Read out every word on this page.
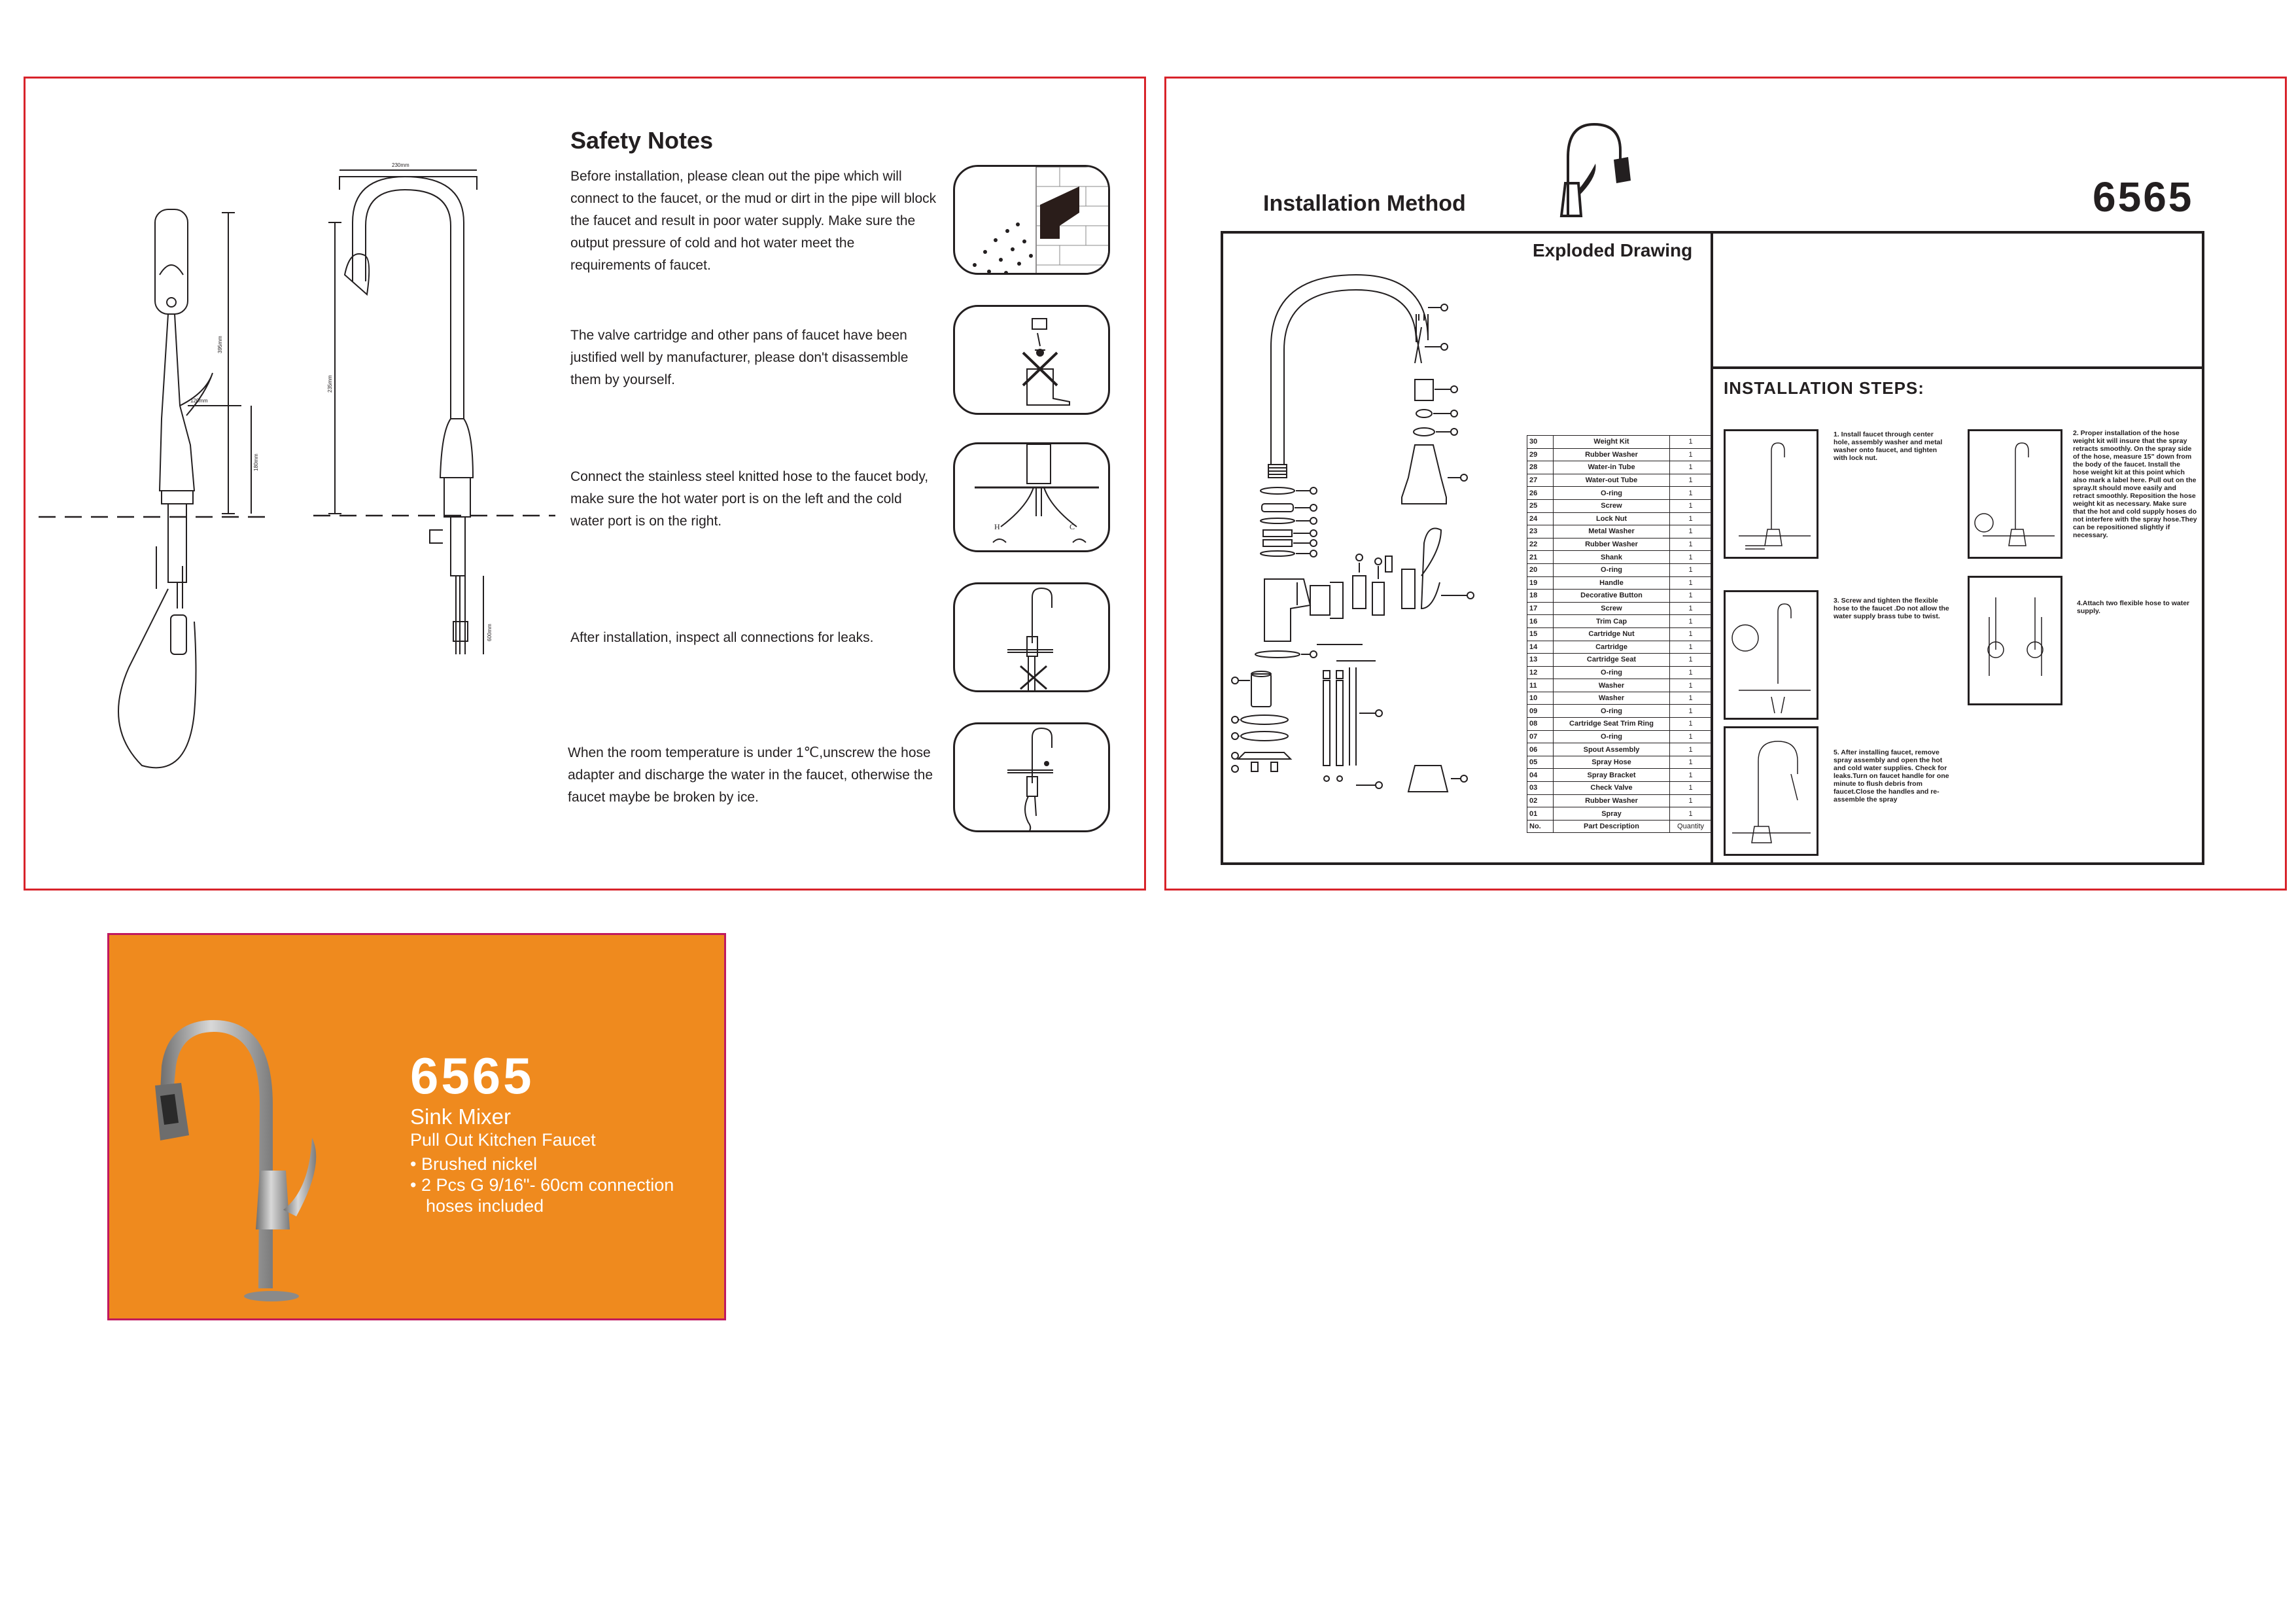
120mm
395mm
180mm
230mm
235mm
600mm
Safety Notes
Before installation, please clean out the pipe which will connect to the faucet, or the mud or dirt in the pipe will block the faucet and result in poor water supply. Make sure the output pressure of cold and hot water meet the requirements of faucet.
The valve cartridge and other pans of faucet have been justified well by manufacturer, please don't disassemble them by yourself.
Connect the stainless steel knitted hose to the faucet body, make sure the hot water port is on the left and the cold water port is on the right.
After installation, inspect all connections for leaks.
When the room temperature is under 1℃,unscrew the hose adapter and discharge the water in the faucet, otherwise the faucet maybe be broken by ice.
H	C
Installation Method	6565
Exploded Drawing
30	Weight Kit	1
29	Rubber Washer	1
28	Water-in Tube	1
27	Water-out Tube	1
26	O-ring	1
25	Screw	1
24	Lock Nut	1
23	Metal Washer	1
22	Rubber Washer	1
21	Shank	1
20	O-ring	1
19	Handle	1
18	Decorative Button	1
17	Screw	1
16	Trim Cap	1
15	Cartridge Nut	1
14	Cartridge	1
13	Cartridge Seat	1
12	O-ring	1
11	Washer	1
10	Washer	1
09	O-ring	1
08	Cartridge Seat Trim Ring	1
07	O-ring	1
06	Spout Assembly	1
05	Spray Hose	1
04	Spray Bracket	1
03	Check Valve	1
02	Rubber Washer	1
01	Spray	1
No.	Part Description	Quantity
INSTALLATION STEPS:
1. Install faucet through center hole, assembly washer and metal washer onto faucet, and tighten with lock nut.
2. Proper installation of the hose weight kit will insure that the spray retracts smoothly. On the spray side of the hose, measure 15" down from the body of the faucet. Install the hose weight kit at this point which also mark a label here. Pull out on the spray.It should move easily and retract smoothly. Reposition the hose weight kit as necessary. Make sure that the hot and cold supply hoses do not interfere with the spray hose.They can be repositioned slightly if necessary.
3. Screw and tighten the flexible hose to the faucet .Do not allow the water supply brass tube to twist.
4.Attach two flexible hose to water supply.
5. After installing faucet, remove spray assembly and open the hot and cold water supplies. Check for leaks.Turn on faucet handle for one minute to flush debris from faucet.Close the handles and re-assemble the spray
6565
Sink Mixer
Pull Out Kitchen Faucet
• Brushed nickel
• 2 Pcs G 9/16"- 60cm connection hoses included
